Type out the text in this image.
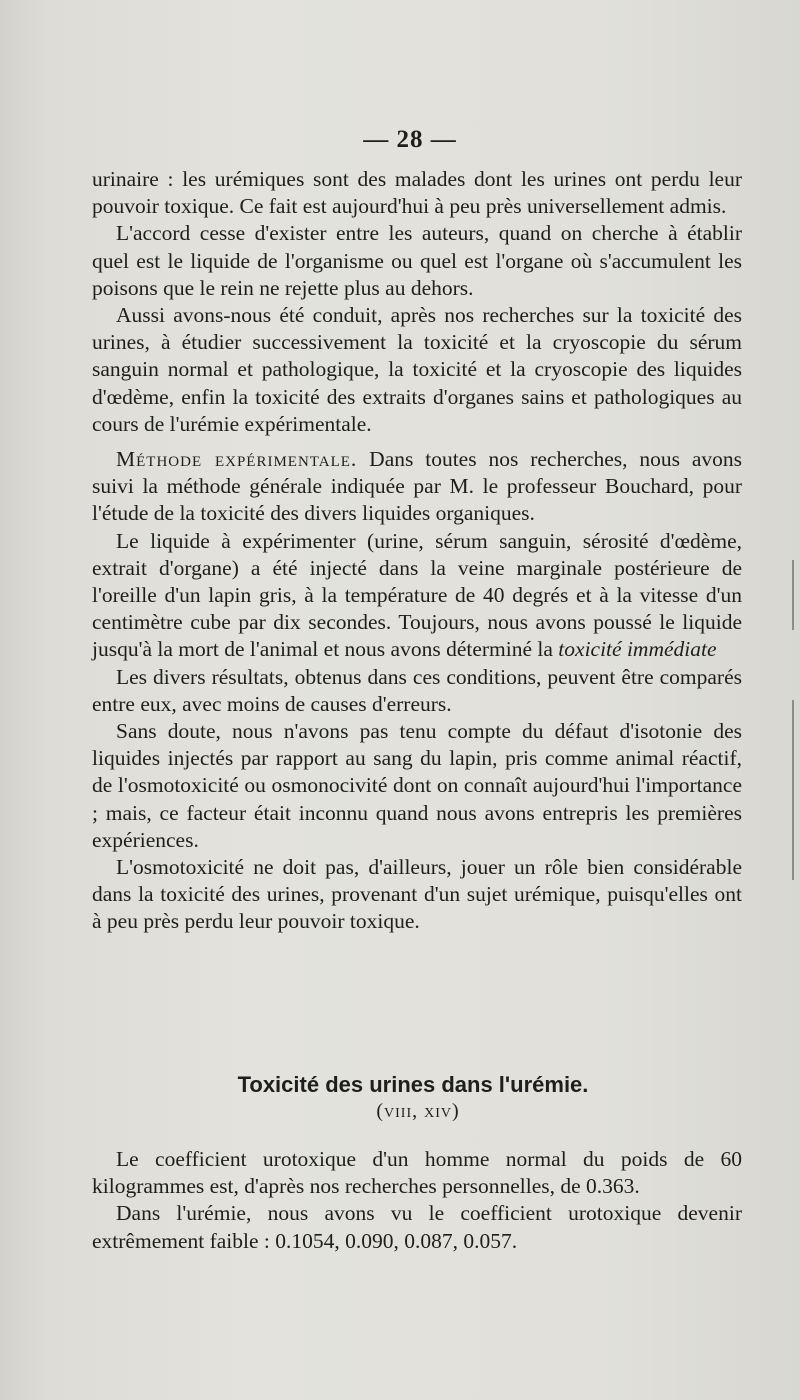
— 28 —

urinaire : les urémiques sont des malades dont les urines ont perdu leur pouvoir toxique. Ce fait est aujourd'hui à peu près universellement admis.

L'accord cesse d'exister entre les auteurs, quand on cherche à établir quel est le liquide de l'organisme ou quel est l'organe où s'accumulent les poisons que le rein ne rejette plus au dehors.

Aussi avons-nous été conduit, après nos recherches sur la toxicité des urines, à étudier successivement la toxicité et la cryoscopie du sérum sanguin normal et pathologique, la toxicité et la cryoscopie des liquides d'œdème, enfin la toxicité des extraits d'organes sains et pathologiques au cours de l'urémie expérimentale.

Méthode expérimentale. Dans toutes nos recherches, nous avons suivi la méthode générale indiquée par M. le professeur Bouchard, pour l'étude de la toxicité des divers liquides organiques.

Le liquide à expérimenter (urine, sérum sanguin, sérosité d'œdème, extrait d'organe) a été injecté dans la veine marginale postérieure de l'oreille d'un lapin gris, à la température de 40 degrés et à la vitesse d'un centimètre cube par dix secondes. Toujours, nous avons poussé le liquide jusqu'à la mort de l'animal et nous avons déterminé la toxicité immédiate

Les divers résultats, obtenus dans ces conditions, peuvent être comparés entre eux, avec moins de causes d'erreurs.

Sans doute, nous n'avons pas tenu compte du défaut d'isotonie des liquides injectés par rapport au sang du lapin, pris comme animal réactif, de l'osmotoxicité ou osmonocivité dont on connaît aujourd'hui l'importance ; mais, ce facteur était inconnu quand nous avons entrepris les premières expériences.

L'osmotoxicité ne doit pas, d'ailleurs, jouer un rôle bien considérable dans la toxicité des urines, provenant d'un sujet urémique, puisqu'elles ont à peu près perdu leur pouvoir toxique.

Toxicité des urines dans l'urémie.
(viii, xiv)

Le coefficient urotoxique d'un homme normal du poids de 60 kilogrammes est, d'après nos recherches personnelles, de 0.363.

Dans l'urémie, nous avons vu le coefficient urotoxique devenir extrêmement faible : 0.1054, 0.090, 0.087, 0.057.
